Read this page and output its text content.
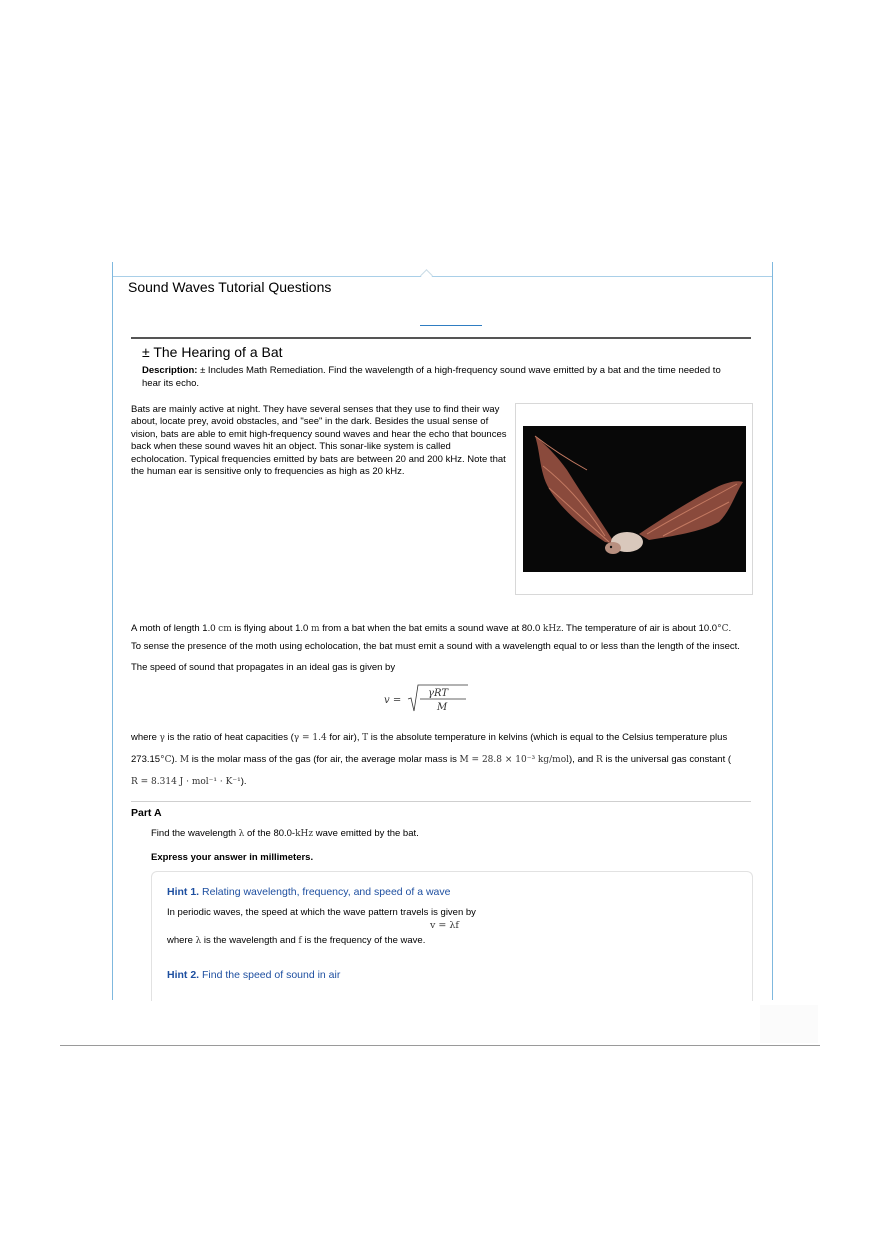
Sound Waves Tutorial Questions
± The Hearing of a Bat
Description: ± Includes Math Remediation. Find the wavelength of a high-frequency sound wave emitted by a bat and the time needed to hear its echo.
Bats are mainly active at night. They have several senses that they use to find their way about, locate prey, avoid obstacles, and "see" in the dark. Besides the usual sense of vision, bats are able to emit high-frequency sound waves and hear the echo that bounces back when these sound waves hit an object. This sonar-like system is called echolocation. Typical frequencies emitted by bats are between 20 and 200 kHz. Note that the human ear is sensitive only to frequencies as high as 20 kHz.
A moth of length 1.0 cm is flying about 1.0 m from a bat when the bat emits a sound wave at 80.0 kHz. The temperature of air is about 10.0°C.
To sense the presence of the moth using echolocation, the bat must emit a sound with a wavelength equal to or less than the length of the insect.
The speed of sound that propagates in an ideal gas is given by
v =
γRT
M
where γ is the ratio of heat capacities (γ = 1.4 for air), T is the absolute temperature in kelvins (which is equal to the Celsius temperature plus
273.15°C). M is the molar mass of the gas (for air, the average molar mass is M = 28.8 × 10⁻³ kg/mol), and R is the universal gas constant (
R = 8.314 J · mol⁻¹ · K⁻¹).
Part A
Find the wavelength λ of the 80.0-kHz wave emitted by the bat.
Express your answer in millimeters.
Hint 1. Relating wavelength, frequency, and speed of a wave
In periodic waves, the speed at which the wave pattern travels is given by
v = λf
where λ is the wavelength and f is the frequency of the wave.
Hint 2. Find the speed of sound in air
